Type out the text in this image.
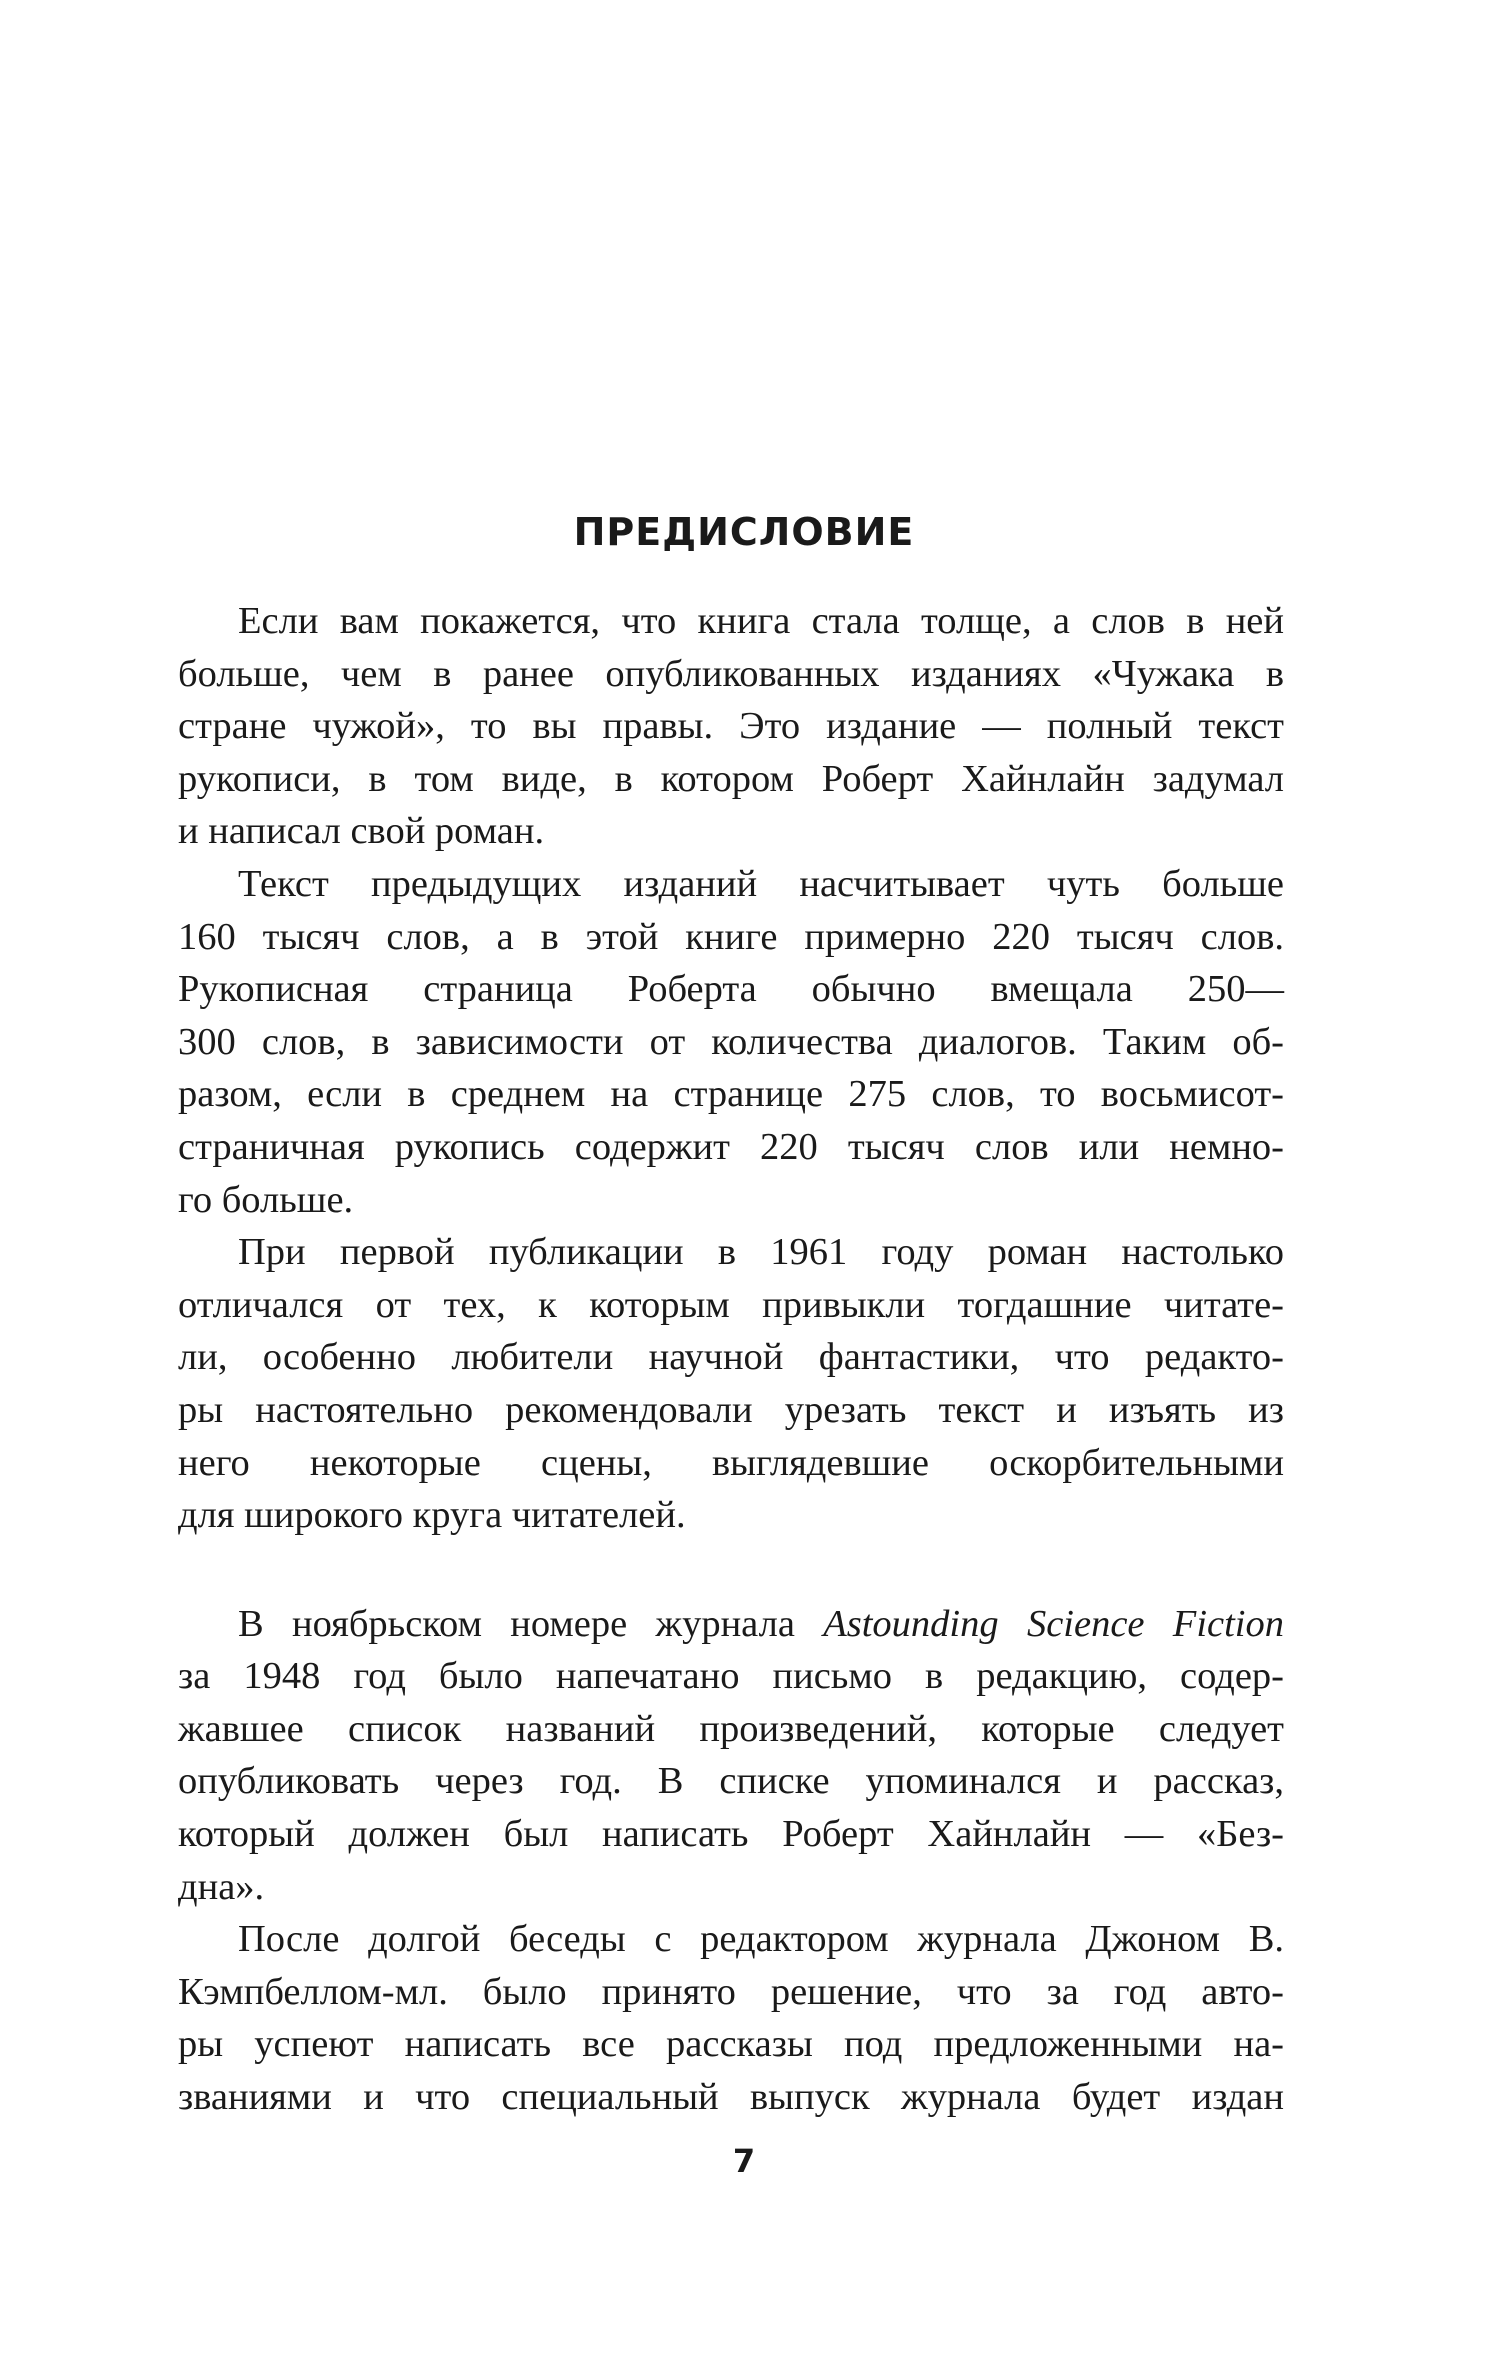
ПРЕДИСЛОВИЕ
Если вам покажется, что книга стала толще, а слов в ней
больше, чем в ранее опубликованных изданиях «Чужака в
стране чужой», то вы правы. Это издание — полный текст
рукописи, в том виде, в котором Роберт Хайнлайн задумал
и написал свой роман.
Текст предыдущих изданий насчитывает чуть больше
160 тысяч слов, а в этой книге примерно 220 тысяч слов.
Рукописная страница Роберта обычно вмещала 250—
300 слов, в зависимости от количества диалогов. Таким об-
разом, если в среднем на странице 275 слов, то восьмисот-
страничная рукопись содержит 220 тысяч слов или немно-
го больше.
При первой публикации в 1961 году роман настолько
отличался от тех, к которым привыкли тогдашние читате-
ли, особенно любители научной фантастики, что редакто-
ры настоятельно рекомендовали урезать текст и изъять из
него некоторые сцены, выглядевшие оскорбительными
для широкого круга читателей.
В ноябрьском номере журнала Astounding Science Fiction
за 1948 год было напечатано письмо в редакцию, содер-
жавшее список названий произведений, которые следует
опубликовать через год. В списке упоминался и рассказ,
который должен был написать Роберт Хайнлайн — «Без-
дна».
После долгой беседы с редактором журнала Джоном В.
Кэмпбеллом-мл. было принято решение, что за год авто-
ры успеют написать все рассказы под предложенными на-
званиями и что специальный выпуск журнала будет издан
7
